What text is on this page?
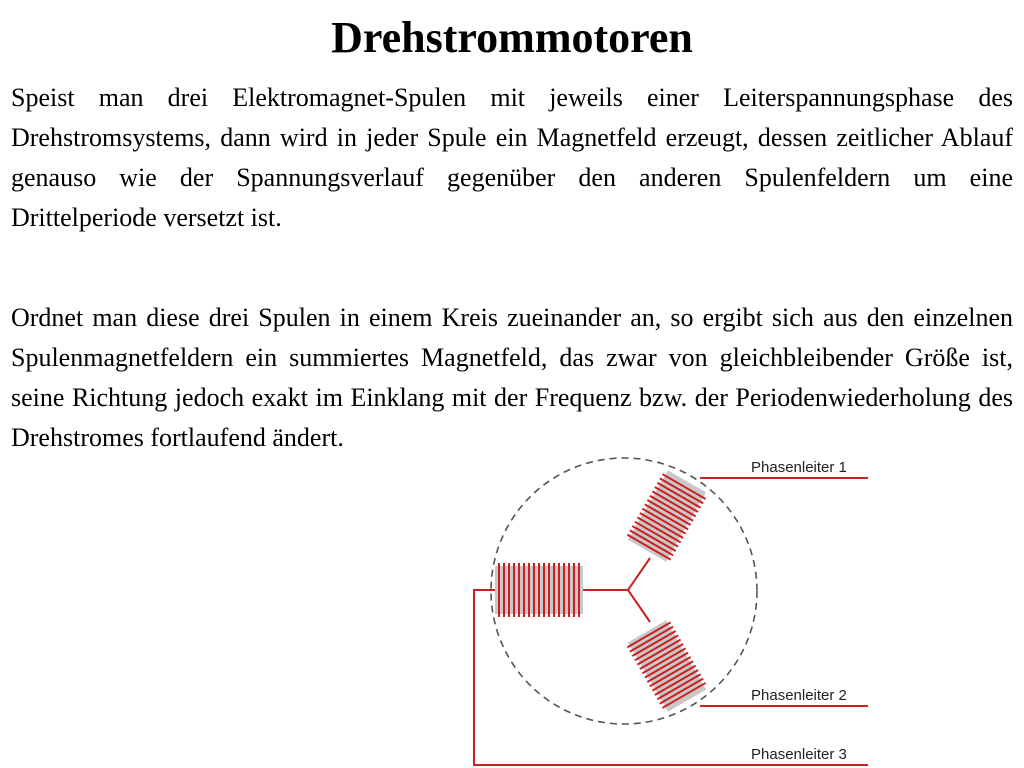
Drehstrommotoren

Speist man drei Elektromagnet-Spulen mit jeweils einer Leiterspannungsphase des Drehstromsystems, dann wird in jeder Spule ein Magnetfeld erzeugt, dessen zeitlicher Ablauf genauso wie der Spannungsverlauf gegenüber den anderen Spulenfeldern um eine Drittelperiode versetzt ist.

Ordnet man diese drei Spulen in einem Kreis zueinander an, so ergibt sich aus den einzelnen Spulenmagnetfeldern ein summiertes Magnetfeld, das zwar von gleichbleibender Größe ist, seine Richtung jedoch exakt im Einklang mit der Frequenz bzw. der Periodenwiederholung des Drehstromes fortlaufend ändert.

Phasenleiter 1
Phasenleiter 2
Phasenleiter 3
